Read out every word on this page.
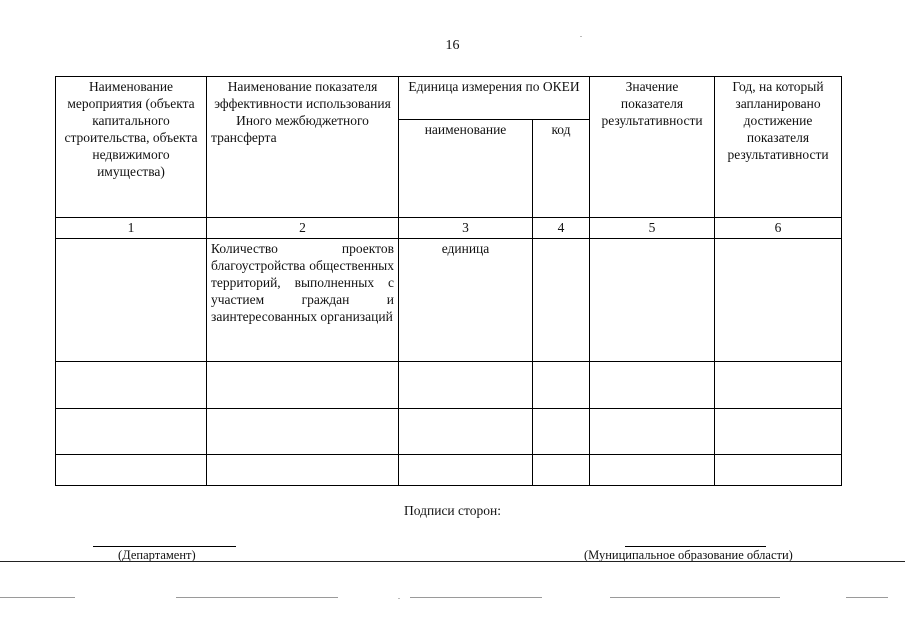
16
Наименование мероприятия (объекта капитального строительства, объекта недвижимого имущества)	Наименование показателя эффективности использования Иного межбюджетного трансферта	Единица измерения по ОКЕИ		Значение показателя результативности	Год, на который запланировано достижение показателя результативности
		наименование	код		
1	2	3	4	5	6
	Количество проектов благоустройства общественных территорий, выполненных с участием граждан и заинтересованных организаций	единица			

Подписи сторон:
(Департамент)	(Муниципальное образование области)
